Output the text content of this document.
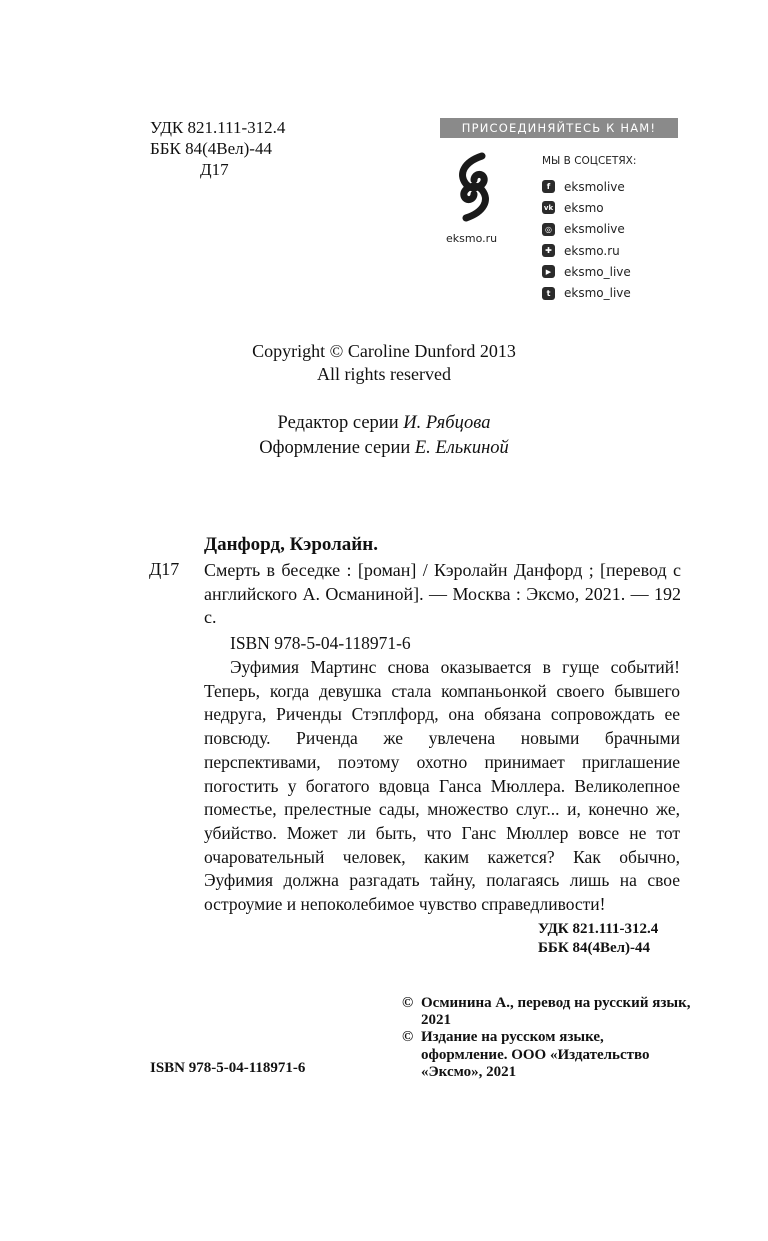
УДК 821.111-312.4
ББК 84(4Вел)-44
Д17
ПРИСОЕДИНЯЙТЕСЬ К НАМ!
eksmo.ru
МЫ В СОЦСЕТЯХ:
f	eksmolive
vk eksmo
◎ eksmolive
✚ eksmo.ru
▶	eksmo_live
t	eksmo_live
Copyright © Caroline Dunford 2013
All rights reserved
Редактор серии И. Рябцова
Оформление серии Е. Елькиной
Данфорд, Кэролайн.
Д17 Смерть в беседке : [роман] / Кэролайн Данфорд ; [перевод с английского А. Османиной]. — Москва : Эксмо, 2021. — 192 с.
ISBN 978-5-04-118971-6
Эуфимия Мартинс снова оказывается в гуще событий! Теперь, когда девушка стала компаньонкой своего бывшего недруга, Риченды Стэплфорд, она обязана сопровождать ее повсюду. Риченда же увлечена новыми брачными перспективами, поэтому охотно принимает приглашение погостить у богатого вдовца Ганса Мюллера. Великолепное поместье, прелестные сады, множество слуг... и, конечно же, убийство. Может ли быть, что Ганс Мюллер вовсе не тот очаровательный человек, каким кажется? Как обычно, Эуфимия должна разгадать тайну, полагаясь лишь на свое остроумие и непоколебимое чувство справедливости!
УДК 821.111-312.4
ББК 84(4Вел)-44
© Осминина А., перевод на русский язык, 2021
© Издание на русском языке, оформление. ООО «Издательство «Эксмо», 2021
ISBN 978-5-04-118971-6
